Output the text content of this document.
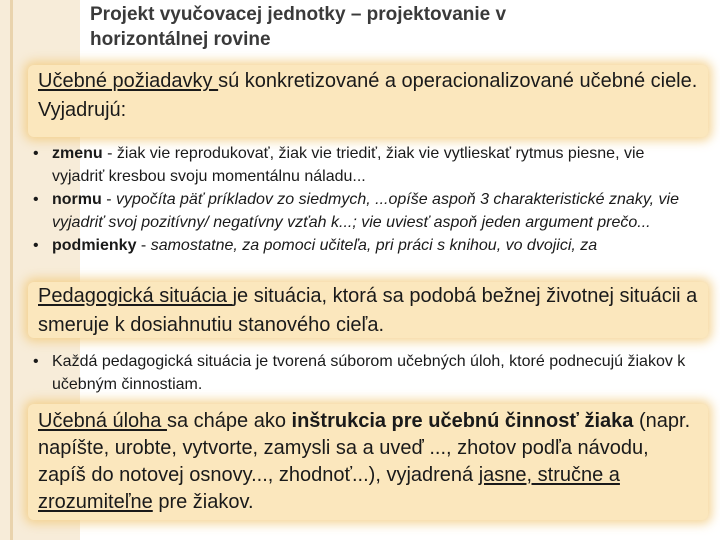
Projekt vyučovacej jednotky – projektovanie v
horizontálnej rovine
Učebné požiadavky sú konkretizované a operacionalizované učebné ciele. Vyjadrujú:
• zmenu - žiak vie reprodukovať, žiak vie triediť, žiak vie vytlieskať rytmus piesne, vie vyjadriť kresbou svoju momentálnu náladu...
• normu - vypočíta päť príkladov zo siedmych, ...opíše aspoň 3 charakteristické znaky, vie vyjadriť svoj pozitívny/ negatívny vzťah k...; vie uviesť aspoň jeden argument prečo...
• podmienky - samostatne, za pomoci učiteľa, pri práci s knihou, vo dvojici, za
Pedagogická situácia je situácia, ktorá sa podobá bežnej životnej situácii a smeruje k dosiahnutiu stanového cieľa.
• Každá pedagogická situácia je tvorená súborom učebných úloh, ktoré podnecujú žiakov k učebným činnostiam.
Učebná úloha sa chápe ako inštrukcia pre učebnú činnosť žiaka (napr. napíšte, urobte, vytvorte, zamysli sa a uveď ..., zhotov podľa návodu, zapíš do notovej osnovy..., zhodnoť...), vyjadrená jasne, stručne a zrozumiteľne pre žiakov.
